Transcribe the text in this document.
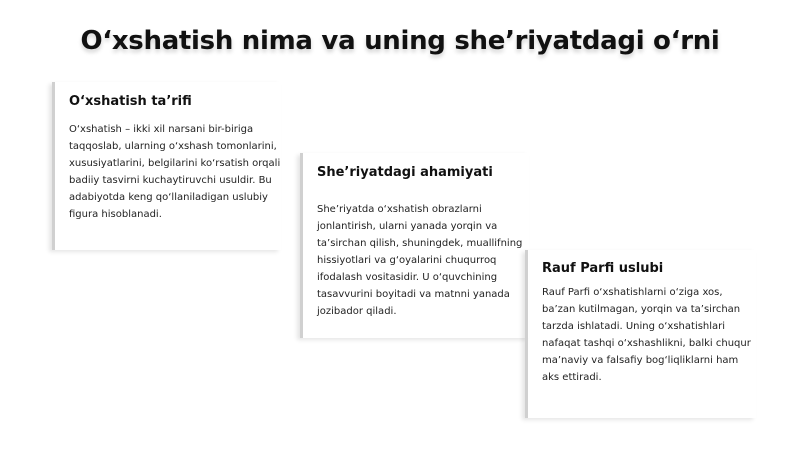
O‘xshatish nima va uning she’riyatdagi o‘rni
O‘xshatish ta’rifi

O‘xshatish – ikki xil narsani bir-biriga taqqoslab, ularning o‘xshash tomonlarini, xususiyatlarini, belgilarini ko‘rsatish orqali badiiy tasvirni kuchaytiruvchi usuldir. Bu adabiyotda keng qo‘llaniladigan uslubiy figura hisoblanadi.

She’riyatdagi ahamiyati

She’riyatda o‘xshatish obrazlarni jonlantirish, ularni yanada yorqin va ta’sirchan qilish, shuningdek, muallifning hissiyotlari va g‘oyalarini chuqurroq ifodalash vositasidir. U o‘quvchining tasavvurini boyitadi va matnni yanada jozibador qiladi.

Rauf Parfi uslubi

Rauf Parfi o‘xshatishlarni o‘ziga xos, ba’zan kutilmagan, yorqin va ta’sirchan tarzda ishlatadi. Uning o‘xshatishlari nafaqat tashqi o‘xshashlikni, balki chuqur ma’naviy va falsafiy bog‘liqliklarni ham aks ettiradi.
